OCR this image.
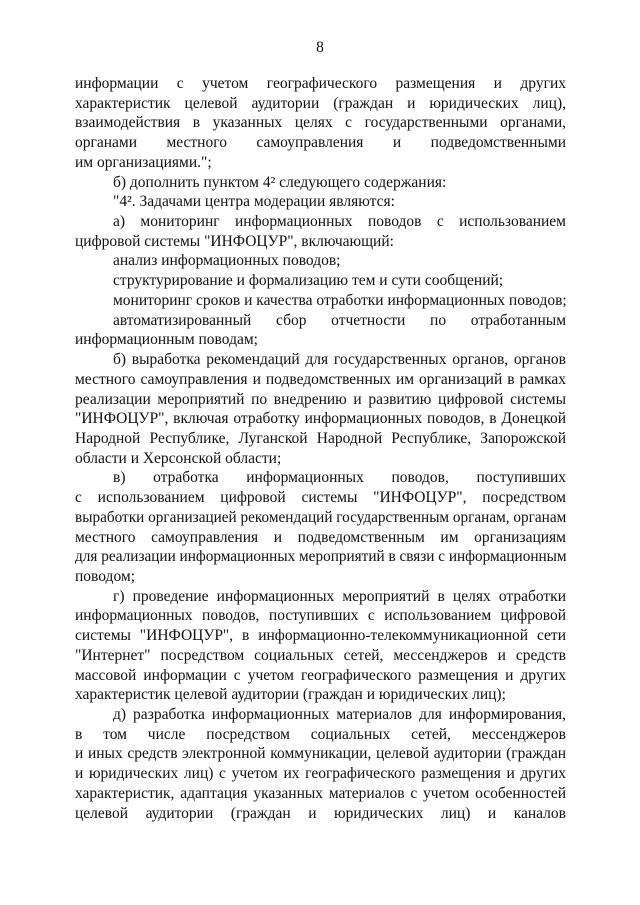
8
информации с учетом географического размещения и других
характеристик целевой аудитории (граждан и юридических лиц),
взаимодействия в указанных целях с государственными органами,
органами местного самоуправления и подведомственными
им организациями.";
б) дополнить пунктом 4² следующего содержания:
"4². Задачами центра модерации являются:
а) мониторинг информационных поводов с использованием
цифровой системы "ИНФОЦУР", включающий:
анализ информационных поводов;
структурирование и формализацию тем и сути сообщений;
мониторинг сроков и качества отработки информационных поводов;
автоматизированный сбор отчетности по отработанным
информационным поводам;
б) выработка рекомендаций для государственных органов, органов
местного самоуправления и подведомственных им организаций в рамках
реализации мероприятий по внедрению и развитию цифровой системы
"ИНФОЦУР", включая отработку информационных поводов, в Донецкой
Народной Республике, Луганской Народной Республике, Запорожской
области и Херсонской области;
в) отработка информационных поводов, поступивших
с использованием цифровой системы "ИНФОЦУР", посредством
выработки организацией рекомендаций государственным органам, органам
местного самоуправления и подведомственным им организациям
для реализации информационных мероприятий в связи с информационным
поводом;
г) проведение информационных мероприятий в целях отработки
информационных поводов, поступивших с использованием цифровой
системы "ИНФОЦУР", в информационно-телекоммуникационной сети
"Интернет" посредством социальных сетей, мессенджеров и средств
массовой информации с учетом географического размещения и других
характеристик целевой аудитории (граждан и юридических лиц);
д) разработка информационных материалов для информирования,
в том числе посредством социальных сетей, мессенджеров
и иных средств электронной коммуникации, целевой аудитории (граждан
и юридических лиц) с учетом их географического размещения и других
характеристик, адаптация указанных материалов с учетом особенностей
целевой аудитории (граждан и юридических лиц) и каналов
